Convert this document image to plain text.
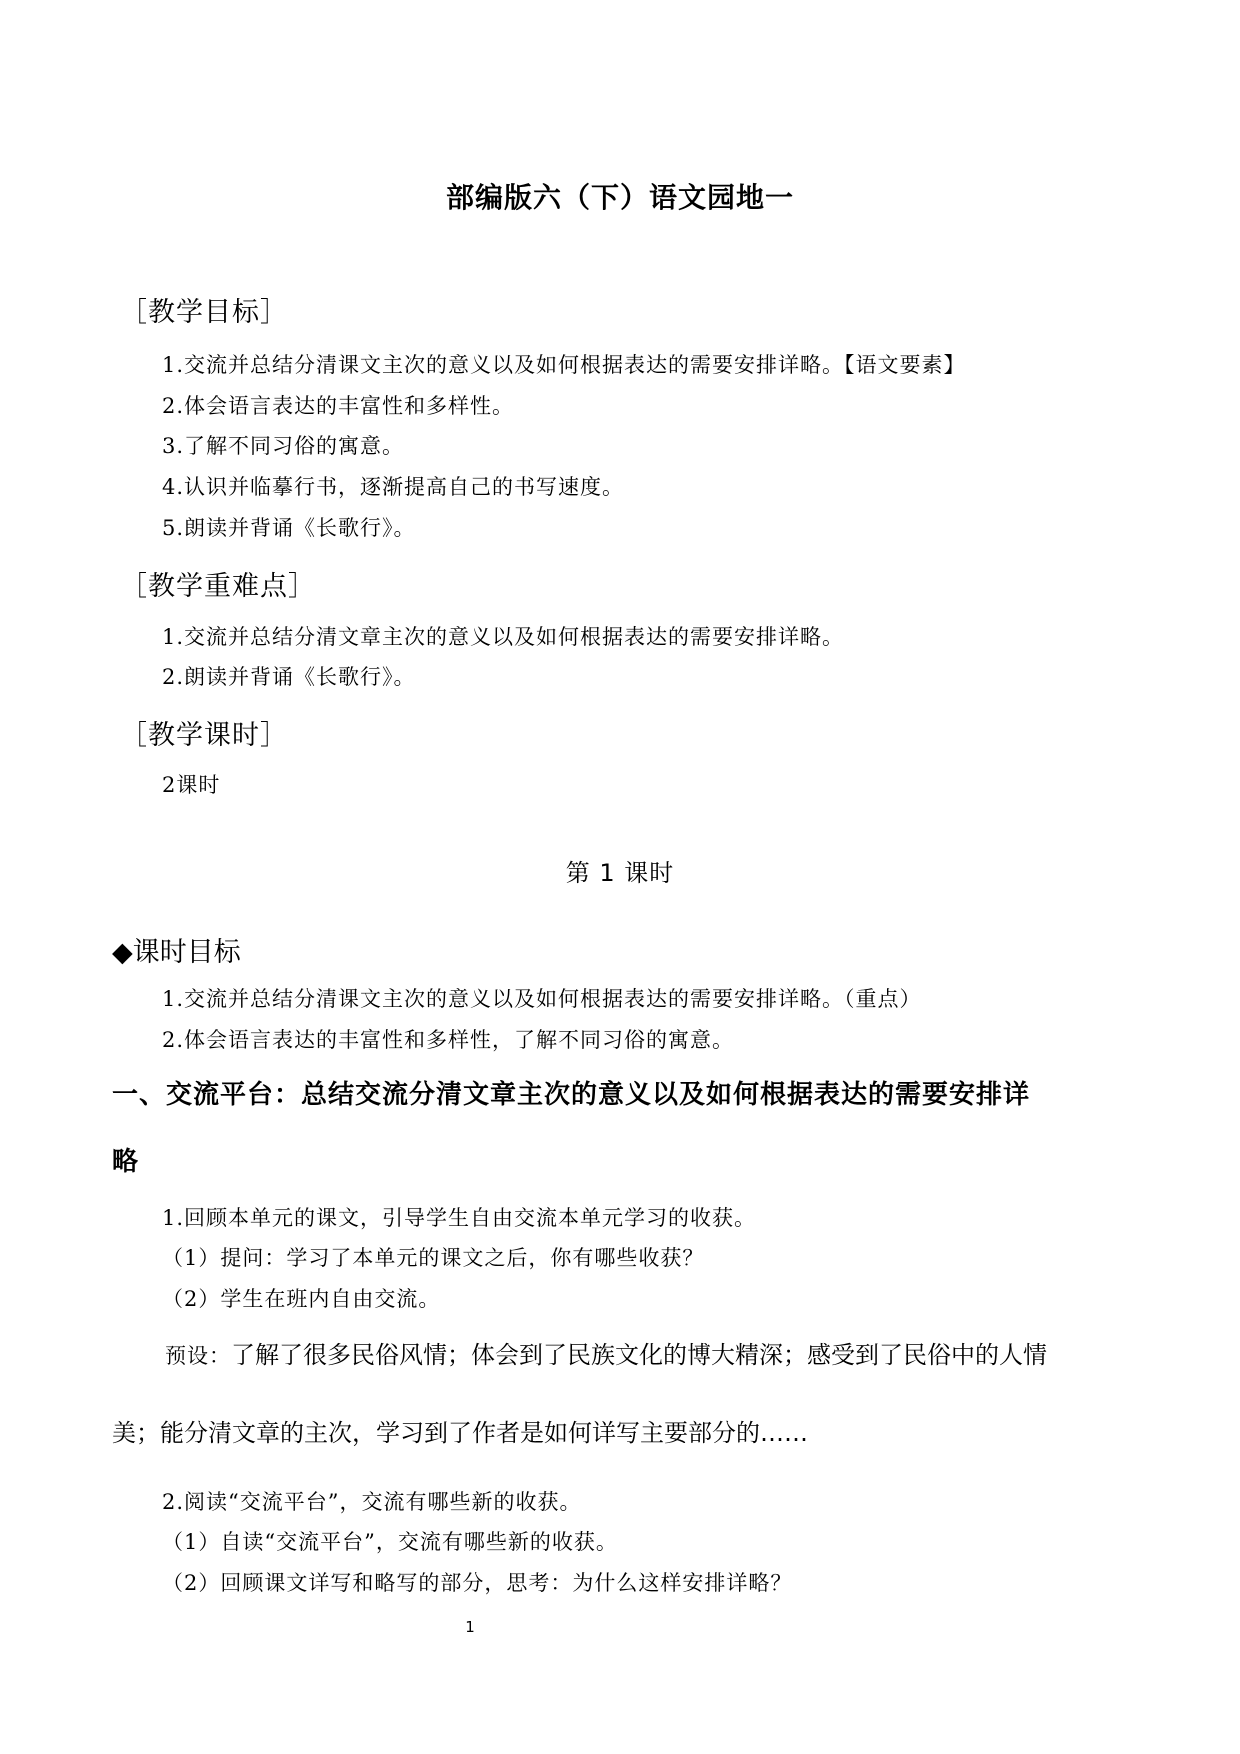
部编版六（下）语文园地一
［教学目标］
1.交流并总结分清课文主次的意义以及如何根据表达的需要安排详略。【语文要素】
2.体会语言表达的丰富性和多样性。
3.了解不同习俗的寓意。
4.认识并临摹行书，逐渐提高自己的书写速度。
5.朗读并背诵《长歌行》。
［教学重难点］
1.交流并总结分清文章主次的意义以及如何根据表达的需要安排详略。
2.朗读并背诵《长歌行》。
［教学课时］
2课时
第 1 课时
◆课时目标
1.交流并总结分清课文主次的意义以及如何根据表达的需要安排详略。（重点）
2.体会语言表达的丰富性和多样性，了解不同习俗的寓意。
一、交流平台：总结交流分清文章主次的意义以及如何根据表达的需要安排详
略
1.回顾本单元的课文，引导学生自由交流本单元学习的收获。
（1）提问：学习了本单元的课文之后，你有哪些收获？
（2）学生在班内自由交流。
预设：了解了很多民俗风情；体会到了民族文化的博大精深；感受到了民俗中的人情
美；能分清文章的主次，学习到了作者是如何详写主要部分的……
2.阅读“交流平台”，交流有哪些新的收获。
（1）自读“交流平台”，交流有哪些新的收获。
（2）回顾课文详写和略写的部分，思考：为什么这样安排详略？
1
